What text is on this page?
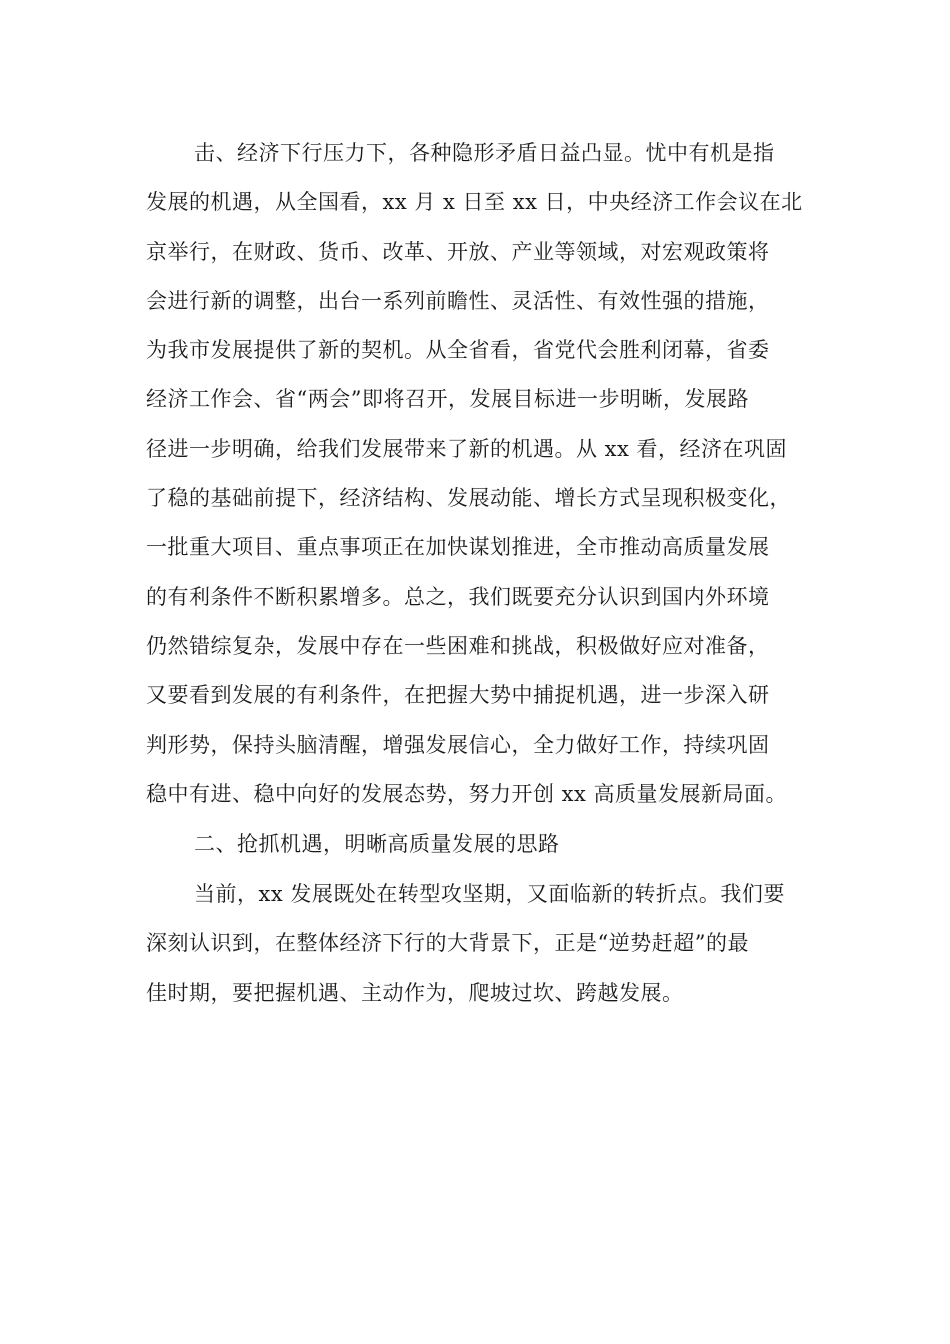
击、经济下行压力下，各种隐形矛盾日益凸显。忧中有机是指
发展的机遇，从全国看，xx 月 x 日至 xx 日，中央经济工作会议在北
京举行，在财政、货币、改革、开放、产业等领域，对宏观政策将
会进行新的调整，出台一系列前瞻性、灵活性、有效性强的措施，
为我市发展提供了新的契机。从全省看，省党代会胜利闭幕，省委
经济工作会、省“两会”即将召开，发展目标进一步明晰，发展路
径进一步明确，给我们发展带来了新的机遇。从 xx 看，经济在巩固
了稳的基础前提下，经济结构、发展动能、增长方式呈现积极变化，
一批重大项目、重点事项正在加快谋划推进，全市推动高质量发展
的有利条件不断积累增多。总之，我们既要充分认识到国内外环境
仍然错综复杂，发展中存在一些困难和挑战，积极做好应对准备，
又要看到发展的有利条件，在把握大势中捕捉机遇，进一步深入研
判形势，保持头脑清醒，增强发展信心，全力做好工作，持续巩固
稳中有进、稳中向好的发展态势，努力开创 xx 高质量发展新局面。
二、抢抓机遇，明晰高质量发展的思路
当前，xx 发展既处在转型攻坚期，又面临新的转折点。我们要
深刻认识到，在整体经济下行的大背景下，正是“逆势赶超”的最
佳时期，要把握机遇、主动作为，爬坡过坎、跨越发展。
